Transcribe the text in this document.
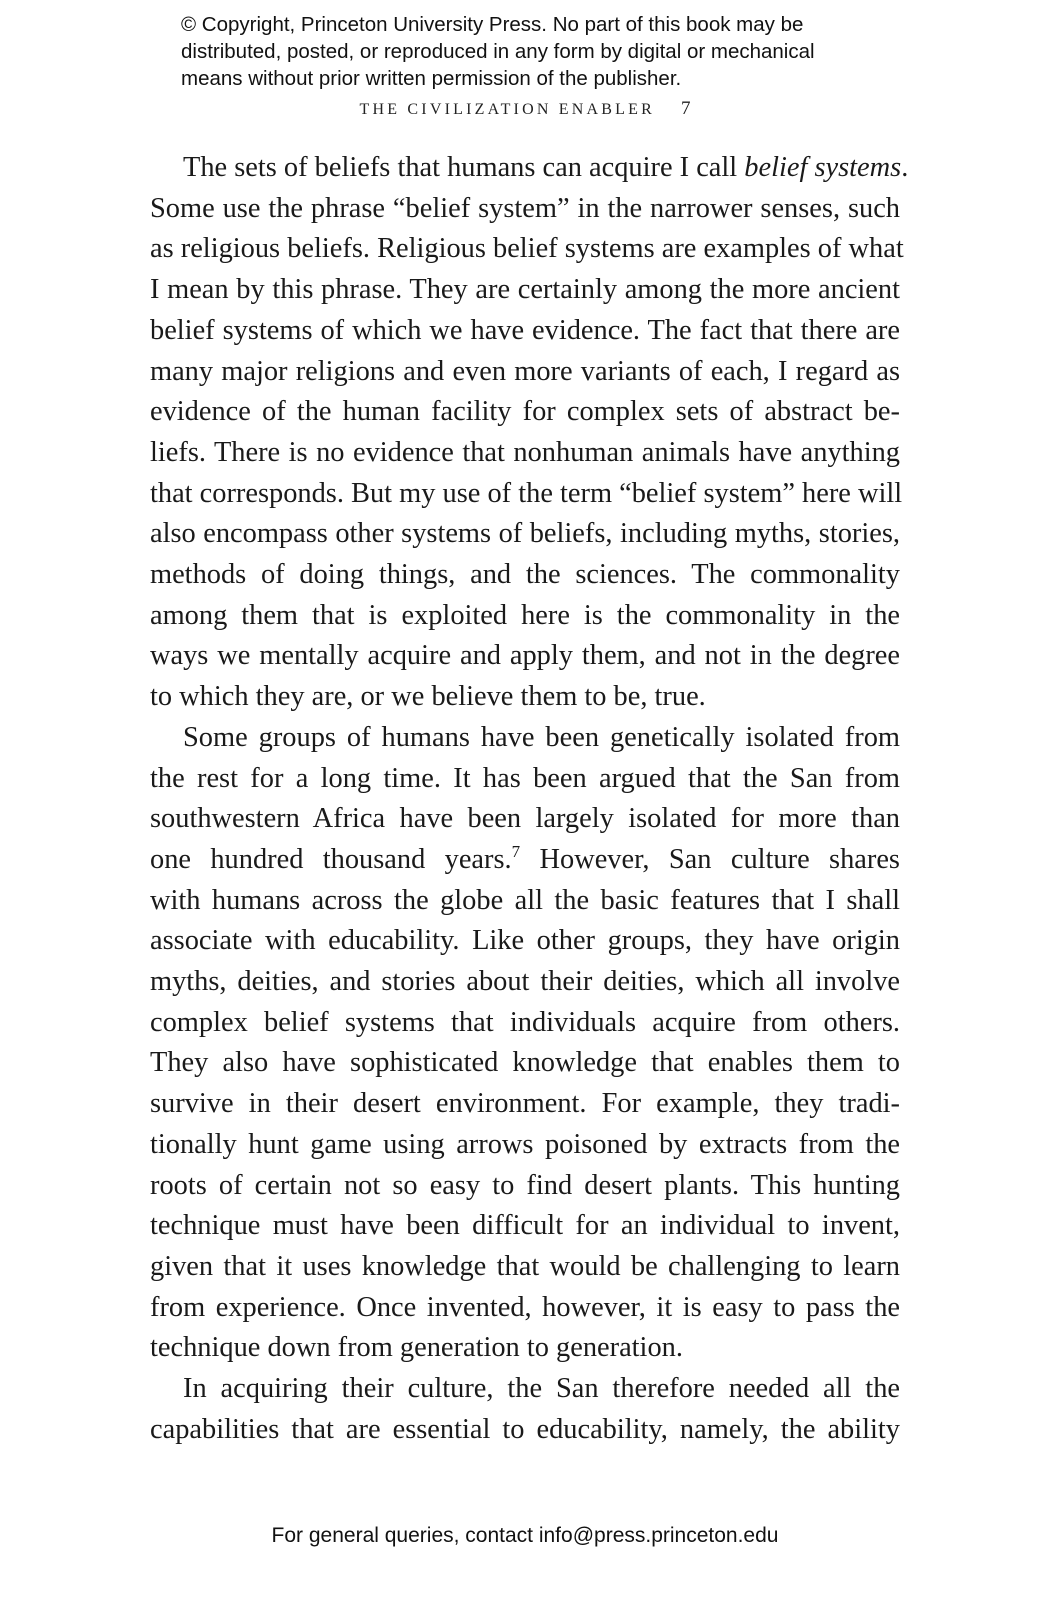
© Copyright, Princeton University Press. No part of this book may be
distributed, posted, or reproduced in any form by digital or mechanical
means without prior written permission of the publisher.
THE CIVILIZATION ENABLER 7
The sets of beliefs that humans can acquire I call belief systems.
Some use the phrase “belief system” in the narrower senses, such
as religious beliefs. Religious belief systems are examples of what
I mean by this phrase. They are certainly among the more ancient
belief systems of which we have evidence. The fact that there are
many major religions and even more variants of each, I regard as
evidence of the human facility for complex sets of abstract be-
liefs. There is no evidence that nonhuman animals have anything
that corresponds. But my use of the term “belief system” here will
also encompass other systems of beliefs, including myths, stories,
methods of doing things, and the sciences. The commonality
among them that is exploited here is the commonality in the
ways we mentally acquire and apply them, and not in the degree
to which they are, or we believe them to be, true.
Some groups of humans have been genetically isolated from
the rest for a long time. It has been argued that the San from
southwestern Africa have been largely isolated for more than
one hundred thousand years.$^7$ However, San culture shares
with humans across the globe all the basic features that I shall
associate with educability. Like other groups, they have origin
myths, deities, and stories about their deities, which all involve
complex belief systems that individuals acquire from others.
They also have sophisticated knowledge that enables them to
survive in their desert environment. For example, they tradi-
tionally hunt game using arrows poisoned by extracts from the
roots of certain not so easy to find desert plants. This hunting
technique must have been difficult for an individual to invent,
given that it uses knowledge that would be challenging to learn
from experience. Once invented, however, it is easy to pass the
technique down from generation to generation.
In acquiring their culture, the San therefore needed all the
capabilities that are essential to educability, namely, the ability
For general queries, contact info@press.princeton.edu
